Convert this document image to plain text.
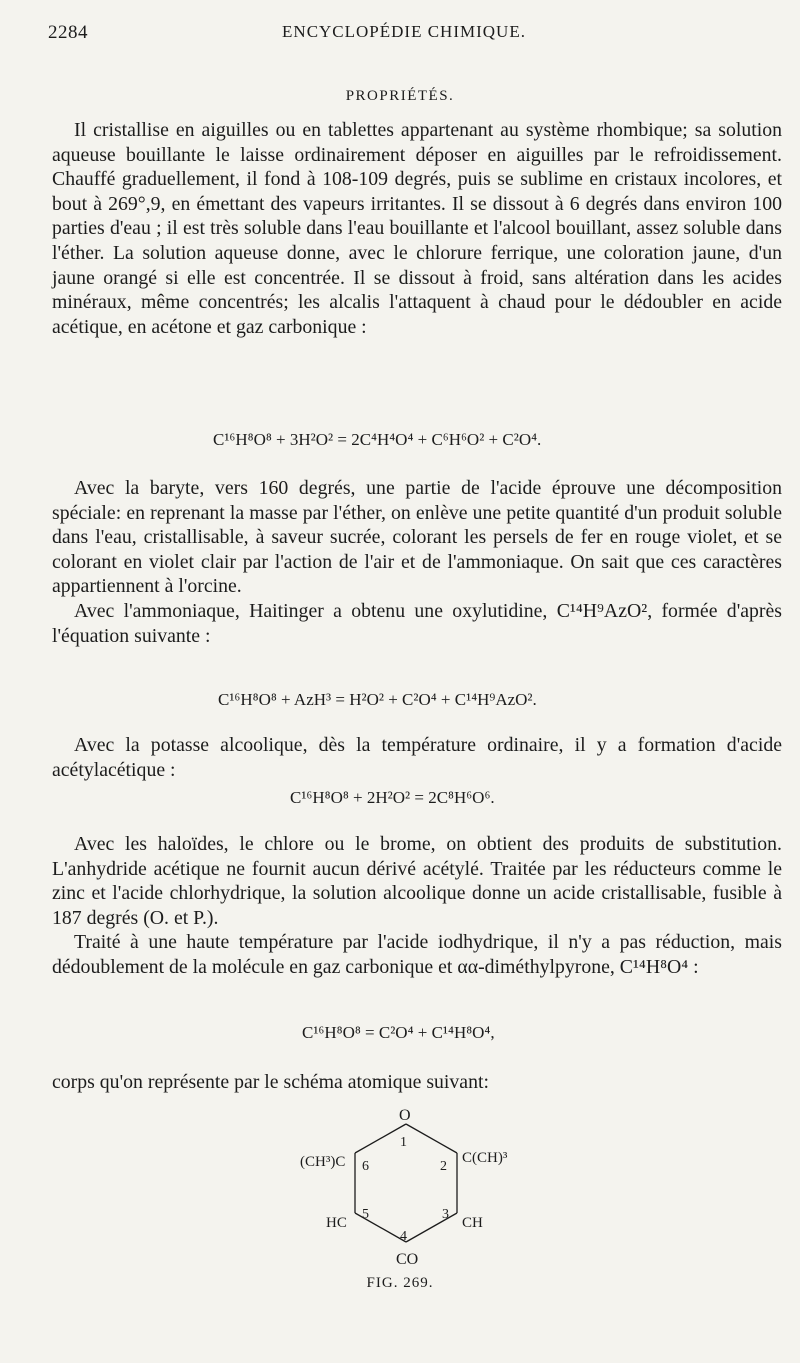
2284	ENCYCLOPÉDIE CHIMIQUE.
PROPRIÉTÉS.

Il cristallise en aiguilles ou en tablettes appartenant au système rhombique; sa solution aqueuse bouillante le laisse ordinairement déposer en aiguilles par le refroidissement. Chauffé graduellement, il fond à 108-109 degrés, puis se sublime en cristaux incolores, et bout à 269°,9, en émettant des vapeurs irritantes. Il se dissout à 6 degrés dans environ 100 parties d'eau ; il est très soluble dans l'eau bouillante et l'alcool bouillant, assez soluble dans l'éther. La solution aqueuse donne, avec le chlorure ferrique, une coloration jaune, d'un jaune orangé si elle est concentrée. Il se dissout à froid, sans altération dans les acides minéraux, même concentrés; les alcalis l'attaquent à chaud pour le dédoubler en acide acétique, en acétone et gaz carbonique :

C¹⁶H⁸O⁸ + 3H²O² = 2C⁴H⁴O⁴ + C⁶H⁶O² + C²O⁴.

Avec la baryte, vers 160 degrés, une partie de l'acide éprouve une décomposition spéciale: en reprenant la masse par l'éther, on enlève une petite quantité d'un produit soluble dans l'eau, cristallisable, à saveur sucrée, colorant les persels de fer en rouge violet, et se colorant en violet clair par l'action de l'air et de l'ammoniaque. On sait que ces caractères appartiennent à l'orcine.

Avec l'ammoniaque, Haitinger a obtenu une oxylutidine, C¹⁴H⁹AzO², formée d'après l'équation suivante :

C¹⁶H⁸O⁸ + AzH³ = H²O² + C²O⁴ + C¹⁴H⁹AzO².

Avec la potasse alcoolique, dès la température ordinaire, il y a formation d'acide acétylacétique :

C¹⁶H⁸O⁸ + 2H²O² = 2C⁸H⁶O⁶.

Avec les haloïdes, le chlore ou le brome, on obtient des produits de substitution. L'anhydride acétique ne fournit aucun dérivé acétylé. Traitée par les réducteurs comme le zinc et l'acide chlorhydrique, la solution alcoolique donne un acide cristallisable, fusible à 187 degrés (O. et P.).

Traité à une haute température par l'acide iodhydrique, il n'y a pas réduction, mais dédoublement de la molécule en gaz carbonique et αα-diméthylpyrone, C¹⁴H⁸O⁴ :

C¹⁶H⁸O⁸ = C²O⁴ + C¹⁴H⁸O⁴,

corps qu'on représente par le schéma atomique suivant:

O
(CH³)C	C(CH)³
HC	CH
CO
1
2
3
4
5
6
FIG. 269.
